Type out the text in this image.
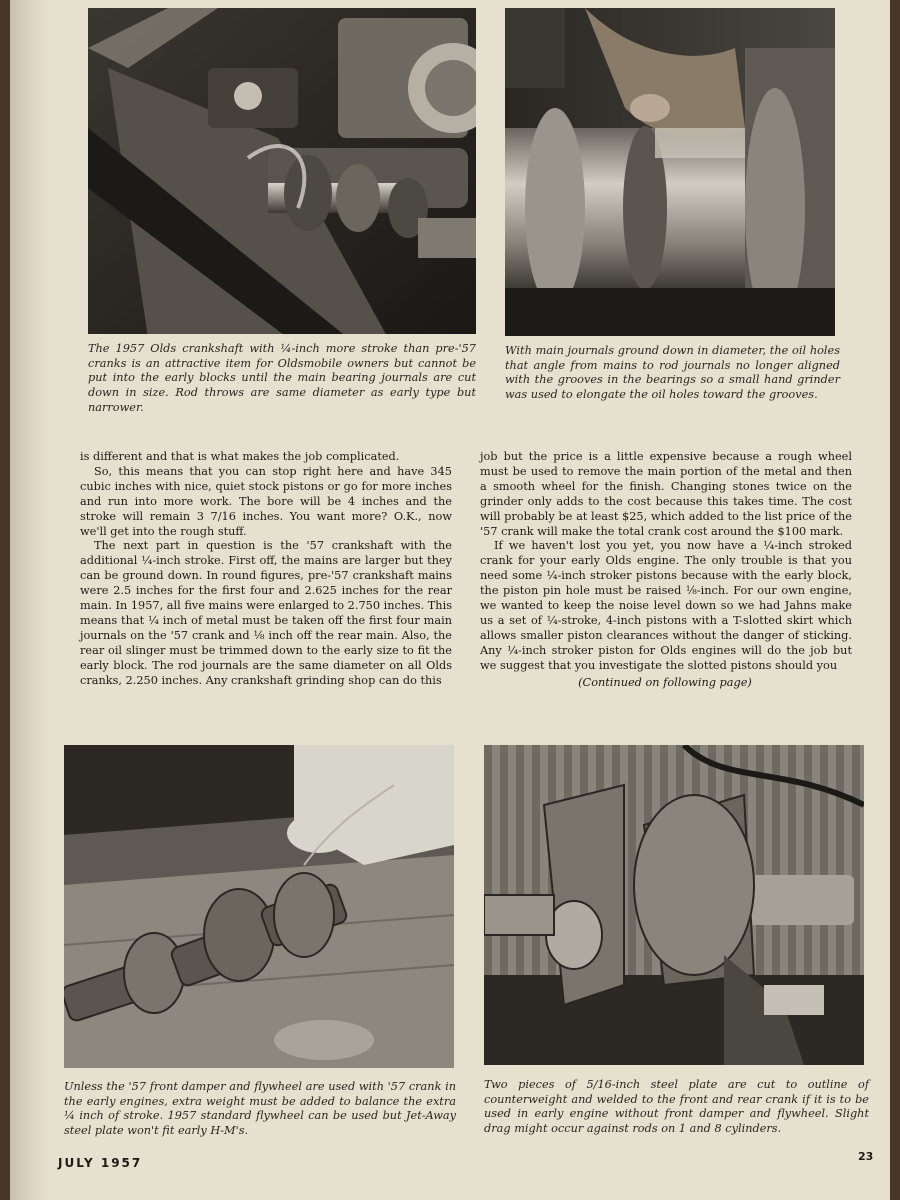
The 1957 Olds crankshaft with ¼-inch more stroke than pre-'57 cranks is an attractive item for Oldsmobile owners but cannot be put into the early blocks until the main bearing journals are cut down in size. Rod throws are same diameter as early type but narrower.

With main journals ground down in diameter, the oil holes that angle from mains to rod journals no longer aligned with the grooves in the bearings so a small hand grinder was used to elongate the oil holes toward the grooves.

is different and that is what makes the job complicated.

So, this means that you can stop right here and have 345 cubic inches with nice, quiet stock pistons or go for more inches and run into more work. The bore will be 4 inches and the stroke will remain 3 7/16 inches. You want more? O.K., now we'll get into the rough stuff.

The next part in question is the '57 crankshaft with the additional ¼-inch stroke. First off, the mains are larger but they can be ground down. In round figures, pre-'57 crankshaft mains were 2.5 inches for the first four and 2.625 inches for the rear main. In 1957, all five mains were enlarged to 2.750 inches. This means that ¼ inch of metal must be taken off the first four main journals on the '57 crank and ⅛ inch off the rear main. Also, the rear oil slinger must be trimmed down to the early size to fit the early block. The rod journals are the same diameter on all Olds cranks, 2.250 inches. Any crankshaft grinding shop can do this

job but the price is a little expensive because a rough wheel must be used to remove the main portion of the metal and then a smooth wheel for the finish. Changing stones twice on the grinder only adds to the cost because this takes time. The cost will probably be at least $25, which added to the list price of the '57 crank will make the total crank cost around the $100 mark.

If we haven't lost you yet, you now have a ¼-inch stroked crank for your early Olds engine. The only trouble is that you need some ¼-inch stroker pistons because with the early block, the piston pin hole must be raised ⅛-inch. For our own engine, we wanted to keep the noise level down so we had Jahns make us a set of ¼-stroke, 4-inch pistons with a T-slotted skirt which allows smaller piston clearances without the danger of sticking. Any ¼-inch stroker piston for Olds engines will do the job but we suggest that you investigate the slotted pistons should you

(Continued on following page)

Unless the '57 front damper and flywheel are used with '57 crank in the early engines, extra weight must be added to balance the extra ¼ inch of stroke. 1957 standard flywheel can be used but Jet-Away steel plate won't fit early H-M's.

Two pieces of 5/16-inch steel plate are cut to outline of counterweight and welded to the front and rear crank if it is to be used in early engine without front damper and flywheel. Slight drag might occur against rods on 1 and 8 cylinders.

JULY 1957	23
